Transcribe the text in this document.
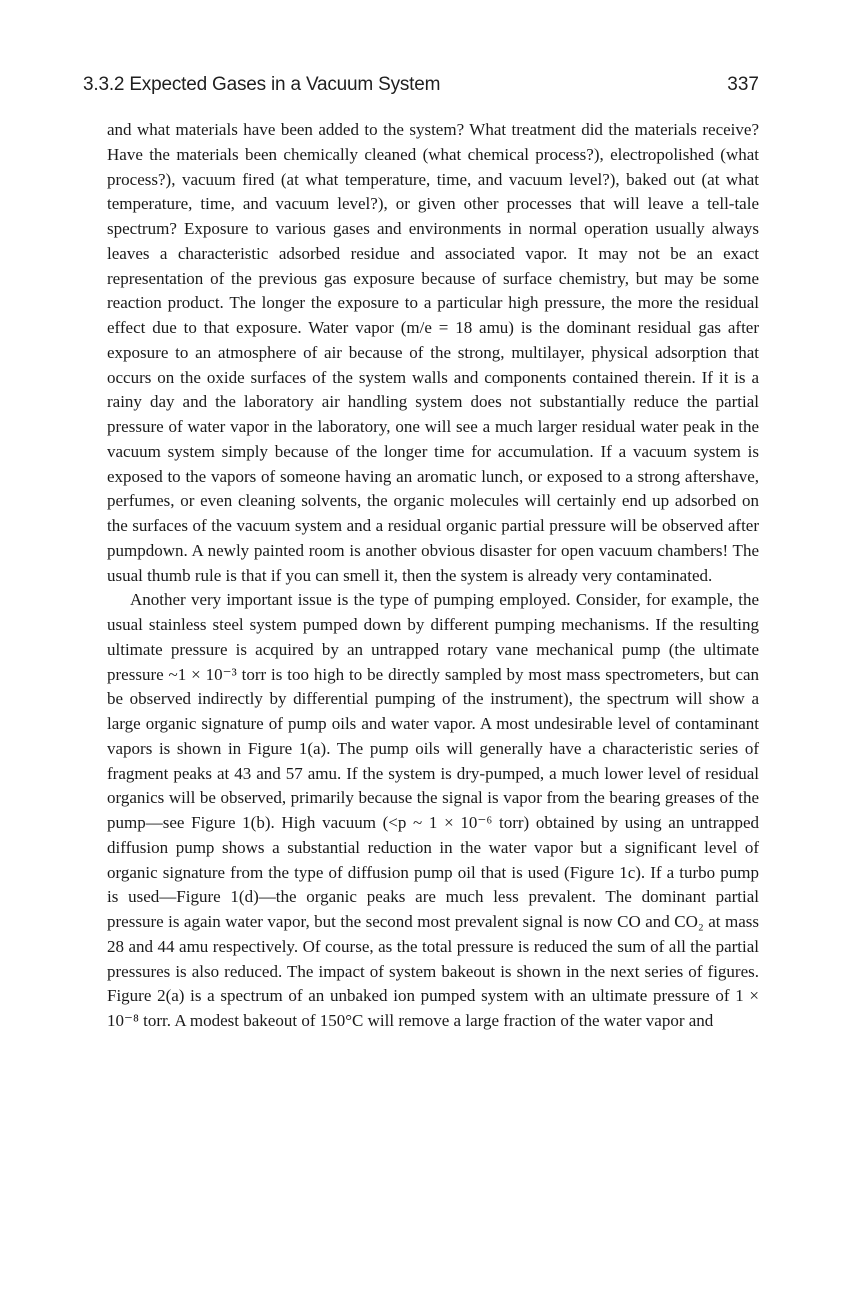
3.3.2 Expected Gases in a Vacuum System	337

and what materials have been added to the system? What treatment did the materials receive? Have the materials been chemically cleaned (what chemical process?), electropolished (what process?), vacuum fired (at what temperature, time, and vacuum level?), baked out (at what temperature, time, and vacuum level?), or given other processes that will leave a tell-tale spectrum? Exposure to various gases and environments in normal operation usually always leaves a characteristic adsorbed residue and associated vapor. It may not be an exact representation of the previous gas exposure because of surface chemistry, but may be some reaction product. The longer the exposure to a particular high pressure, the more the residual effect due to that exposure. Water vapor (m/e = 18 amu) is the dominant residual gas after exposure to an atmosphere of air because of the strong, multilayer, physical adsorption that occurs on the oxide surfaces of the system walls and components contained therein. If it is a rainy day and the laboratory air handling system does not substantially reduce the partial pressure of water vapor in the laboratory, one will see a much larger residual water peak in the vacuum system simply because of the longer time for accumulation. If a vacuum system is exposed to the vapors of someone having an aromatic lunch, or exposed to a strong aftershave, perfumes, or even cleaning solvents, the organic molecules will certainly end up adsorbed on the surfaces of the vacuum system and a residual organic partial pressure will be observed after pumpdown. A newly painted room is another obvious disaster for open vacuum chambers! The usual thumb rule is that if you can smell it, then the system is already very contaminated.

Another very important issue is the type of pumping employed. Consider, for example, the usual stainless steel system pumped down by different pumping mechanisms. If the resulting ultimate pressure is acquired by an untrapped rotary vane mechanical pump (the ultimate pressure ~1 × 10⁻³ torr is too high to be directly sampled by most mass spectrometers, but can be observed indirectly by differential pumping of the instrument), the spectrum will show a large organic signature of pump oils and water vapor. A most undesirable level of contaminant vapors is shown in Figure 1(a). The pump oils will generally have a characteristic series of fragment peaks at 43 and 57 amu. If the system is dry-pumped, a much lower level of residual organics will be observed, primarily because the signal is vapor from the bearing greases of the pump—see Figure 1(b). High vacuum (<p ~ 1 × 10⁻⁶ torr) obtained by using an untrapped diffusion pump shows a substantial reduction in the water vapor but a significant level of organic signature from the type of diffusion pump oil that is used (Figure 1c). If a turbo pump is used—Figure 1(d)—the organic peaks are much less prevalent. The dominant partial pressure is again water vapor, but the second most prevalent signal is now CO and CO₂ at mass 28 and 44 amu respectively. Of course, as the total pressure is reduced the sum of all the partial pressures is also reduced. The impact of system bakeout is shown in the next series of figures. Figure 2(a) is a spectrum of an unbaked ion pumped system with an ultimate pressure of 1 × 10⁻⁸ torr. A modest bakeout of 150°C will remove a large fraction of the water vapor and
